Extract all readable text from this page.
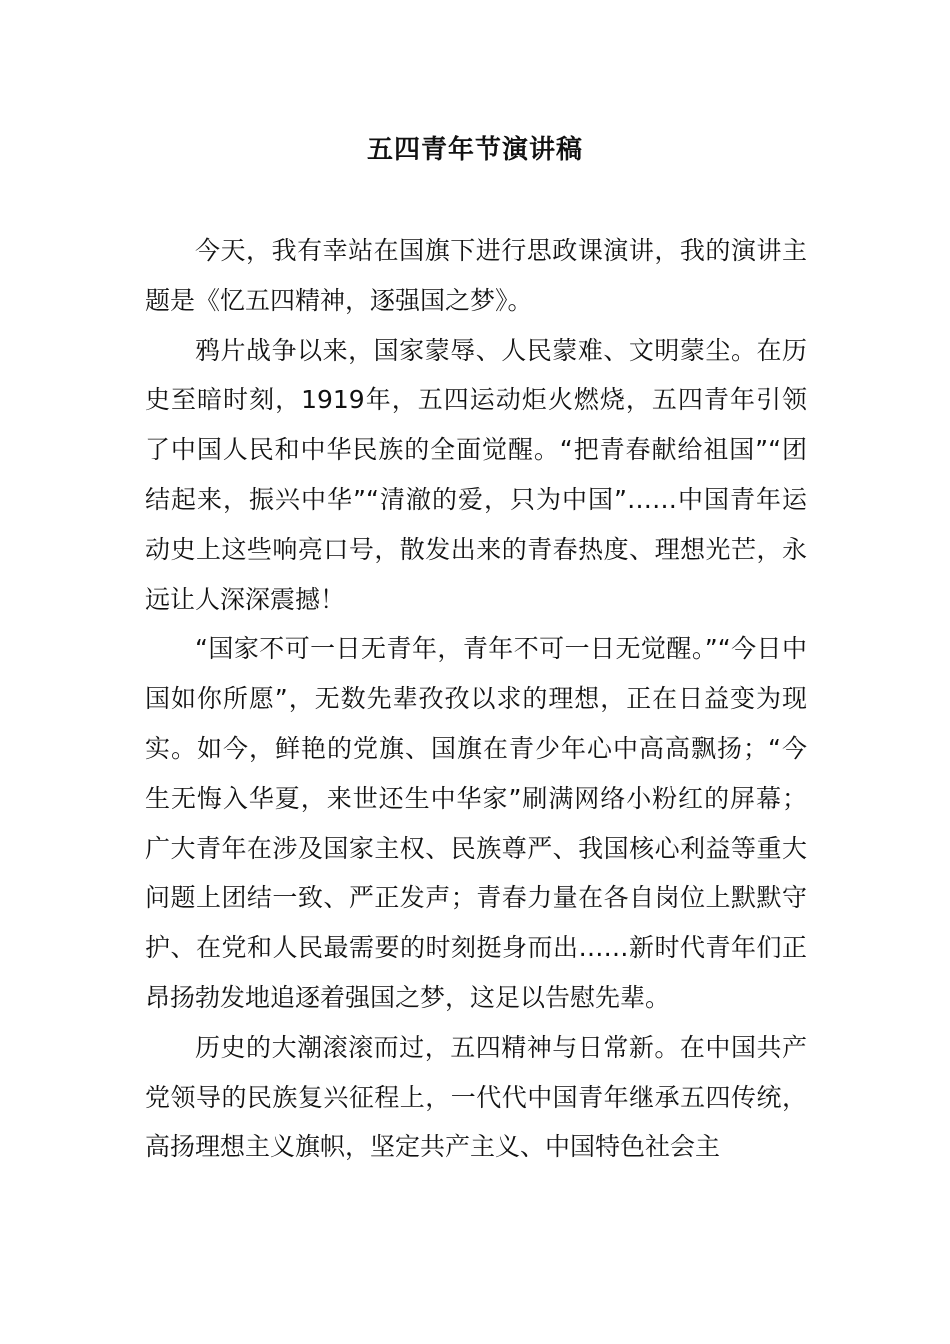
五四青年节演讲稿

今天，我有幸站在国旗下进行思政课演讲，我的演讲主题是《忆五四精神，逐强国之梦》。

鸦片战争以来，国家蒙辱、人民蒙难、文明蒙尘。在历史至暗时刻，1919年，五四运动炬火燃烧，五四青年引领了中国人民和中华民族的全面觉醒。“把青春献给祖国”“团结起来，振兴中华”“清澈的爱，只为中国”……中国青年运动史上这些响亮口号，散发出来的青春热度、理想光芒，永远让人深深震撼！

“国家不可一日无青年，青年不可一日无觉醒。”“今日中国如你所愿”，无数先辈孜孜以求的理想，正在日益变为现实。如今，鲜艳的党旗、国旗在青少年心中高高飘扬；“今生无悔入华夏，来世还生中华家”刷满网络小粉红的屏幕；广大青年在涉及国家主权、民族尊严、我国核心利益等重大问题上团结一致、严正发声；青春力量在各自岗位上默默守护、在党和人民最需要的时刻挺身而出……新时代青年们正昂扬勃发地追逐着强国之梦，这足以告慰先辈。

历史的大潮滚滚而过，五四精神与日常新。在中国共产党领导的民族复兴征程上，一代代中国青年继承五四传统，高扬理想主义旗帜，坚定共产主义、中国特色社会主
